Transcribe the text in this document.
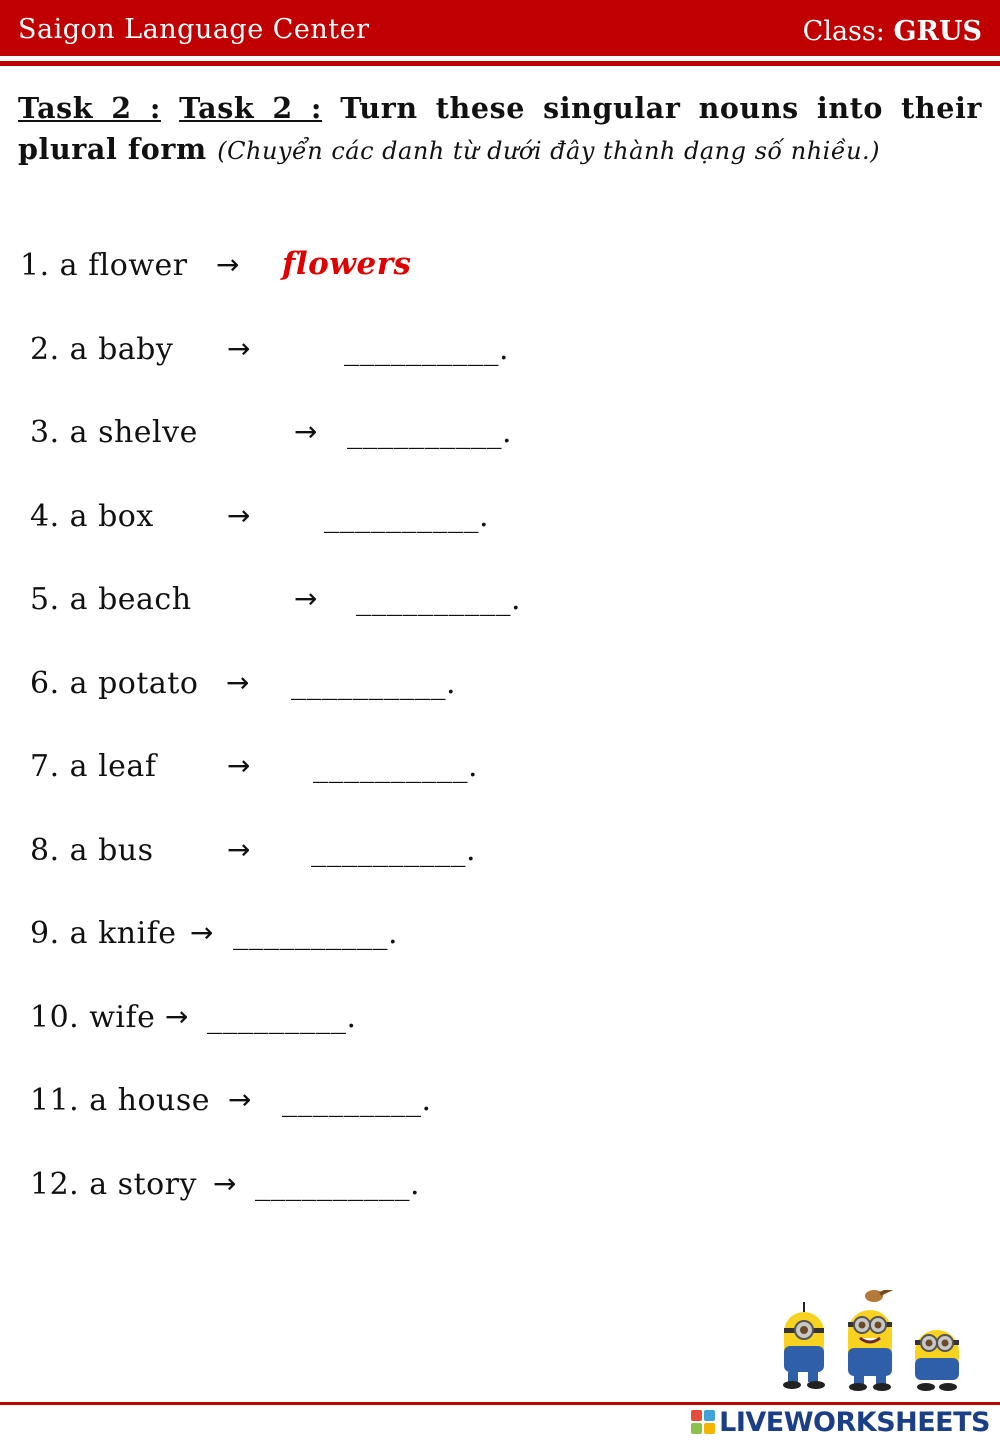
Saigon Language Center	Class: GRUS
Task 2 : Task 2 : Turn these singular nouns into their plural form (Chuyển các danh từ dưới đây thành dạng số nhiều.)
1. a flower → flowers
2. a baby →	__________.
3. a shelve	→ __________.
4. a box	→ __________.
5. a beach	→ __________.
6. a potato → __________.
7. a leaf	→ __________.
8. a bus	→ __________.
9. a knife → __________.
10. wife → _________.
11. a house → _________.
12. a story → __________.
LIVEWORKSHEETS
